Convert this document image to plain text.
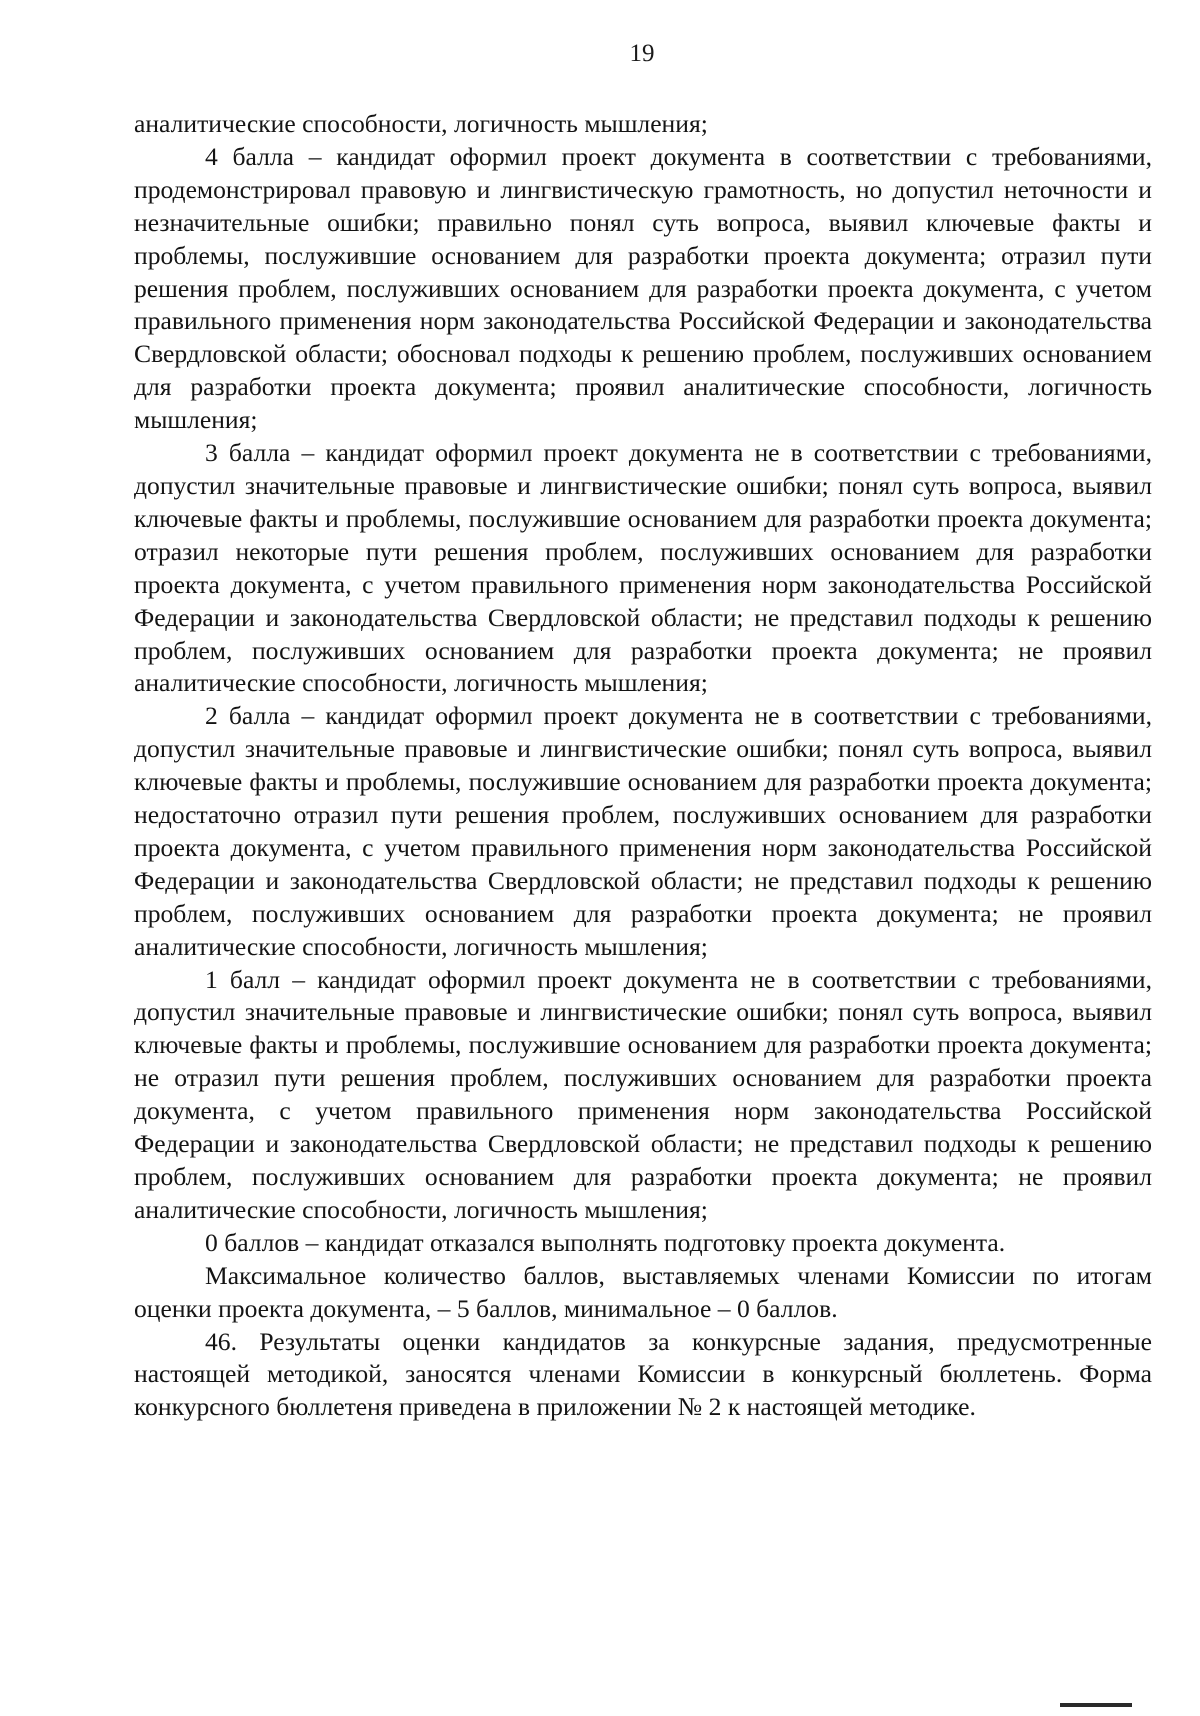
19

аналитические способности, логичность мышления;

4 балла – кандидат оформил проект документа в соответствии с требованиями, продемонстрировал правовую и лингвистическую грамотность, но допустил неточности и незначительные ошибки; правильно понял суть вопроса, выявил ключевые факты и проблемы, послужившие основанием для разработки проекта документа; отразил пути решения проблем, послуживших основанием для разработки проекта документа, с учетом правильного применения норм законодательства Российской Федерации и законодательства Свердловской области; обосновал подходы к решению проблем, послуживших основанием для разработки проекта документа; проявил аналитические способности, логичность мышления;

3 балла – кандидат оформил проект документа не в соответствии с требованиями, допустил значительные правовые и лингвистические ошибки; понял суть вопроса, выявил ключевые факты и проблемы, послужившие основанием для разработки проекта документа; отразил некоторые пути решения проблем, послуживших основанием для разработки проекта документа, с учетом правильного применения норм законодательства Российской Федерации и законодательства Свердловской области; не представил подходы к решению проблем, послуживших основанием для разработки проекта документа; не проявил аналитические способности, логичность мышления;

2 балла – кандидат оформил проект документа не в соответствии с требованиями, допустил значительные правовые и лингвистические ошибки; понял суть вопроса, выявил ключевые факты и проблемы, послужившие основанием для разработки проекта документа; недостаточно отразил пути решения проблем, послуживших основанием для разработки проекта документа, с учетом правильного применения норм законодательства Российской Федерации и законодательства Свердловской области; не представил подходы к решению проблем, послуживших основанием для разработки проекта документа; не проявил аналитические способности, логичность мышления;

1 балл – кандидат оформил проект документа не в соответствии с требованиями, допустил значительные правовые и лингвистические ошибки; понял суть вопроса, выявил ключевые факты и проблемы, послужившие основанием для разработки проекта документа; не отразил пути решения проблем, послуживших основанием для разработки проекта документа, с учетом правильного применения норм законодательства Российской Федерации и законодательства Свердловской области; не представил подходы к решению проблем, послуживших основанием для разработки проекта документа; не проявил аналитические способности, логичность мышления;

0 баллов – кандидат отказался выполнять подготовку проекта документа.

Максимальное количество баллов, выставляемых членами Комиссии по итогам оценки проекта документа, – 5 баллов, минимальное – 0 баллов.

46. Результаты оценки кандидатов за конкурсные задания, предусмотренные настоящей методикой, заносятся членами Комиссии в конкурсный бюллетень. Форма конкурсного бюллетеня приведена в приложении № 2 к настоящей методике.
